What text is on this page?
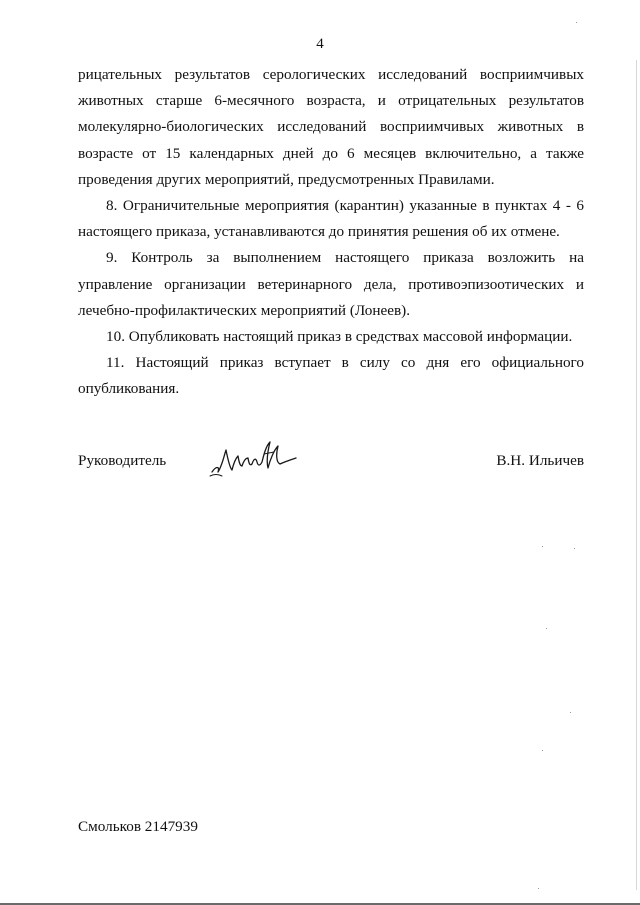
4

рицательных результатов серологических исследований восприимчивых животных старше 6-месячного возраста, и отрицательных результатов молекулярно-биологических исследований восприимчивых животных в возрасте от 15 календарных дней до 6 месяцев включительно, а также проведения других мероприятий, предусмотренных Правилами.

8. Ограничительные мероприятия (карантин) указанные в пунктах 4 - 6 настоящего приказа, устанавливаются до принятия решения об их отмене.

9. Контроль за выполнением настоящего приказа возложить на управление организации ветеринарного дела, противоэпизоотических и лечебно-профилактических мероприятий (Лонеев).

10. Опубликовать настоящий приказ в средствах массовой информации.

11. Настоящий приказ вступает в силу со дня его официального опубликования.

Руководитель	В.Н. Ильичев
Смольков 2147939
